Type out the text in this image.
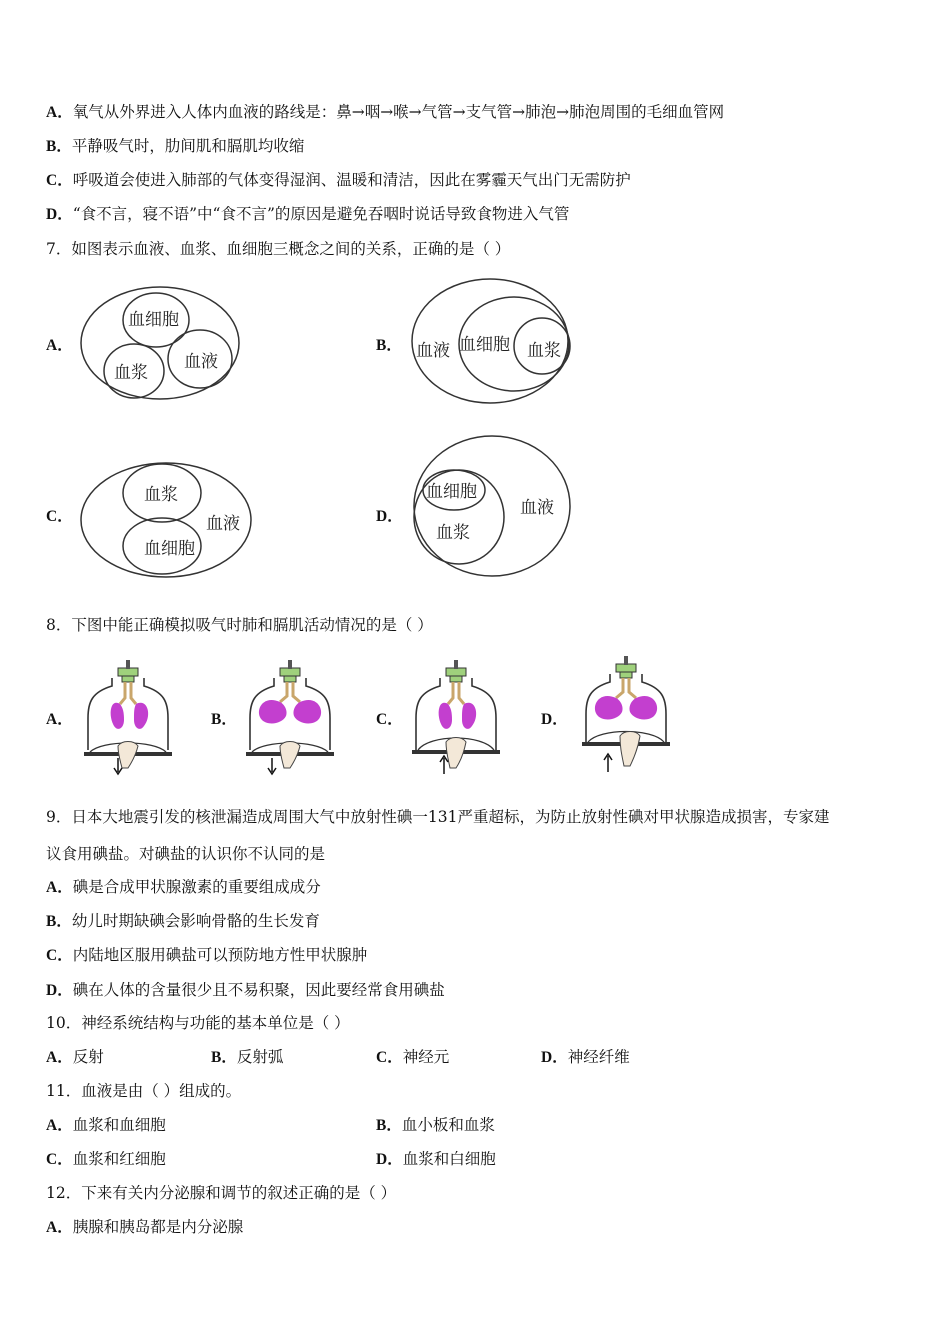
A．氧气从外界进入人体内血液的路线是：鼻→咽→喉→气管→支气管→肺泡→肺泡周围的毛细血管网
B．平静吸气时，肋间肌和膈肌均收缩
C．呼吸道会使进入肺部的气体变得湿润、温暖和清洁，因此在雾霾天气出门无需防护
D．“食不言，寝不语”中“食不言”的原因是避免吞咽时说话导致食物进入气管
7．如图表示血液、血浆、血细胞三概念之间的关系，正确的是（ ）
A．
血细胞
血浆
血液
B． 血液 血细胞 血浆
C．
血浆
血液
血细胞
D．
血细胞
血浆
血液
8．下图中能正确模拟吸气时肺和膈肌活动情况的是（ ）
A．	B．	C．	D．
9．日本大地震引发的核泄漏造成周围大气中放射性碘一131严重超标，为防止放射性碘对甲状腺造成损害，专家建
议食用碘盐。对碘盐的认识你不认同的是
A．碘是合成甲状腺激素的重要组成成分
B．幼儿时期缺碘会影响骨骼的生长发育
C．内陆地区服用碘盐可以预防地方性甲状腺肿
D．碘在人体的含量很少且不易积聚，因此要经常食用碘盐
10．神经系统结构与功能的基本单位是（ ）
A．反射	B．反射弧	C．神经元	D．神经纤维
11．血液是由（ ）组成的。
A．血浆和血细胞	B．血小板和血浆
C．血浆和红细胞	D．血浆和白细胞
12．下来有关内分泌腺和调节的叙述正确的是（ ）
A．胰腺和胰岛都是内分泌腺
